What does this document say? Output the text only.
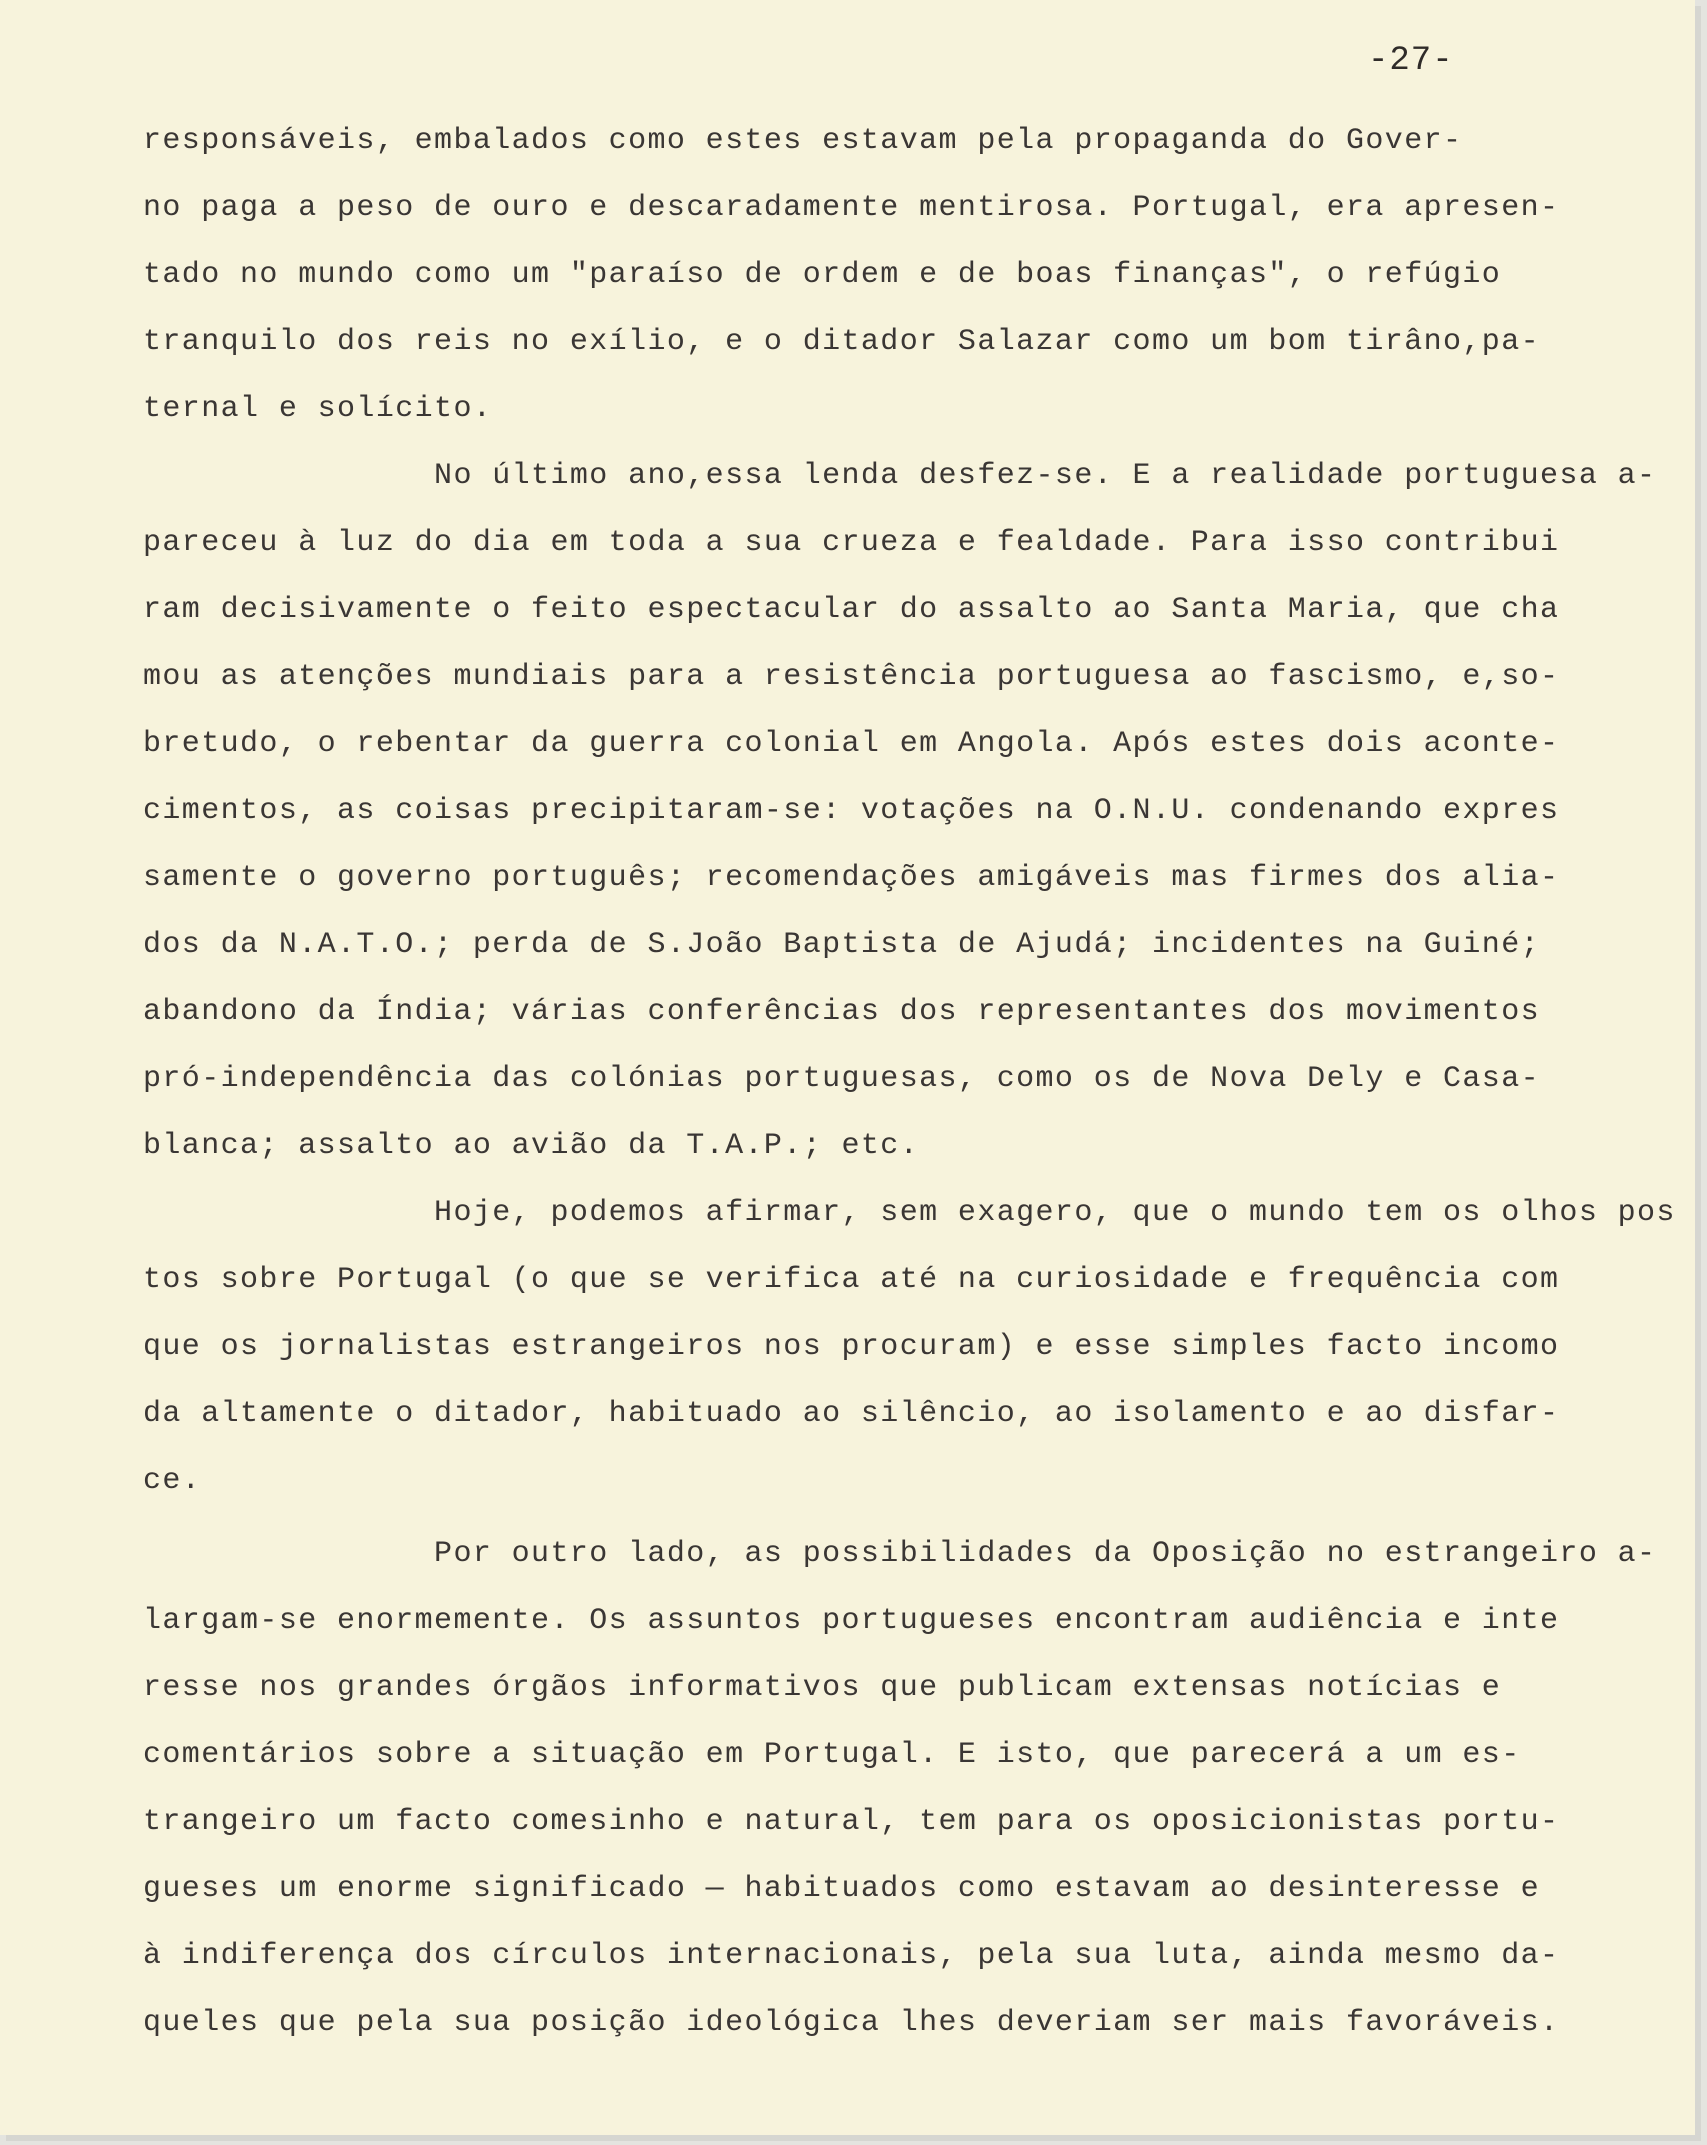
-27-
responsáveis, embalados como estes estavam pela propaganda do Gover-
no paga a peso de ouro e descaradamente mentirosa. Portugal, era apresen-
tado no mundo como um "paraíso de ordem e de boas finanças", o refúgio
tranquilo dos reis no exílio, e o ditador Salazar como um bom tirâno,pa-
ternal e solícito.
No último ano,essa lenda desfez-se. E a realidade portuguesa a-
pareceu à luz do dia em toda a sua crueza e fealdade. Para isso contribui
ram decisivamente o feito espectacular do assalto ao Santa Maria, que cha
mou as atenções mundiais para a resistência portuguesa ao fascismo, e,so-
bretudo, o rebentar da guerra colonial em Angola. Após estes dois aconte-
cimentos, as coisas precipitaram-se: votações na O.N.U. condenando expres
samente o governo português; recomendações amigáveis mas firmes dos alia-
dos da N.A.T.O.; perda de S.João Baptista de Ajudá; incidentes na Guiné;
abandono da Índia; várias conferências dos representantes dos movimentos
pró-independência das colónias portuguesas, como os de Nova Dely e Casa-
blanca; assalto ao avião da T.A.P.; etc.
Hoje, podemos afirmar, sem exagero, que o mundo tem os olhos pos
tos sobre Portugal (o que se verifica até na curiosidade e frequência com
que os jornalistas estrangeiros nos procuram) e esse simples facto incomo
da altamente o ditador, habituado ao silêncio, ao isolamento e ao disfar-
ce.
Por outro lado, as possibilidades da Oposição no estrangeiro a-
largam-se enormemente. Os assuntos portugueses encontram audiência e inte
resse nos grandes órgãos informativos que publicam extensas notícias e
comentários sobre a situação em Portugal. E isto, que parecerá a um es-
trangeiro um facto comesinho e natural, tem para os oposicionistas portu-
gueses um enorme significado — habituados como estavam ao desinteresse e
à indiferença dos círculos internacionais, pela sua luta, ainda mesmo da-
queles que pela sua posição ideológica lhes deveriam ser mais favoráveis.
